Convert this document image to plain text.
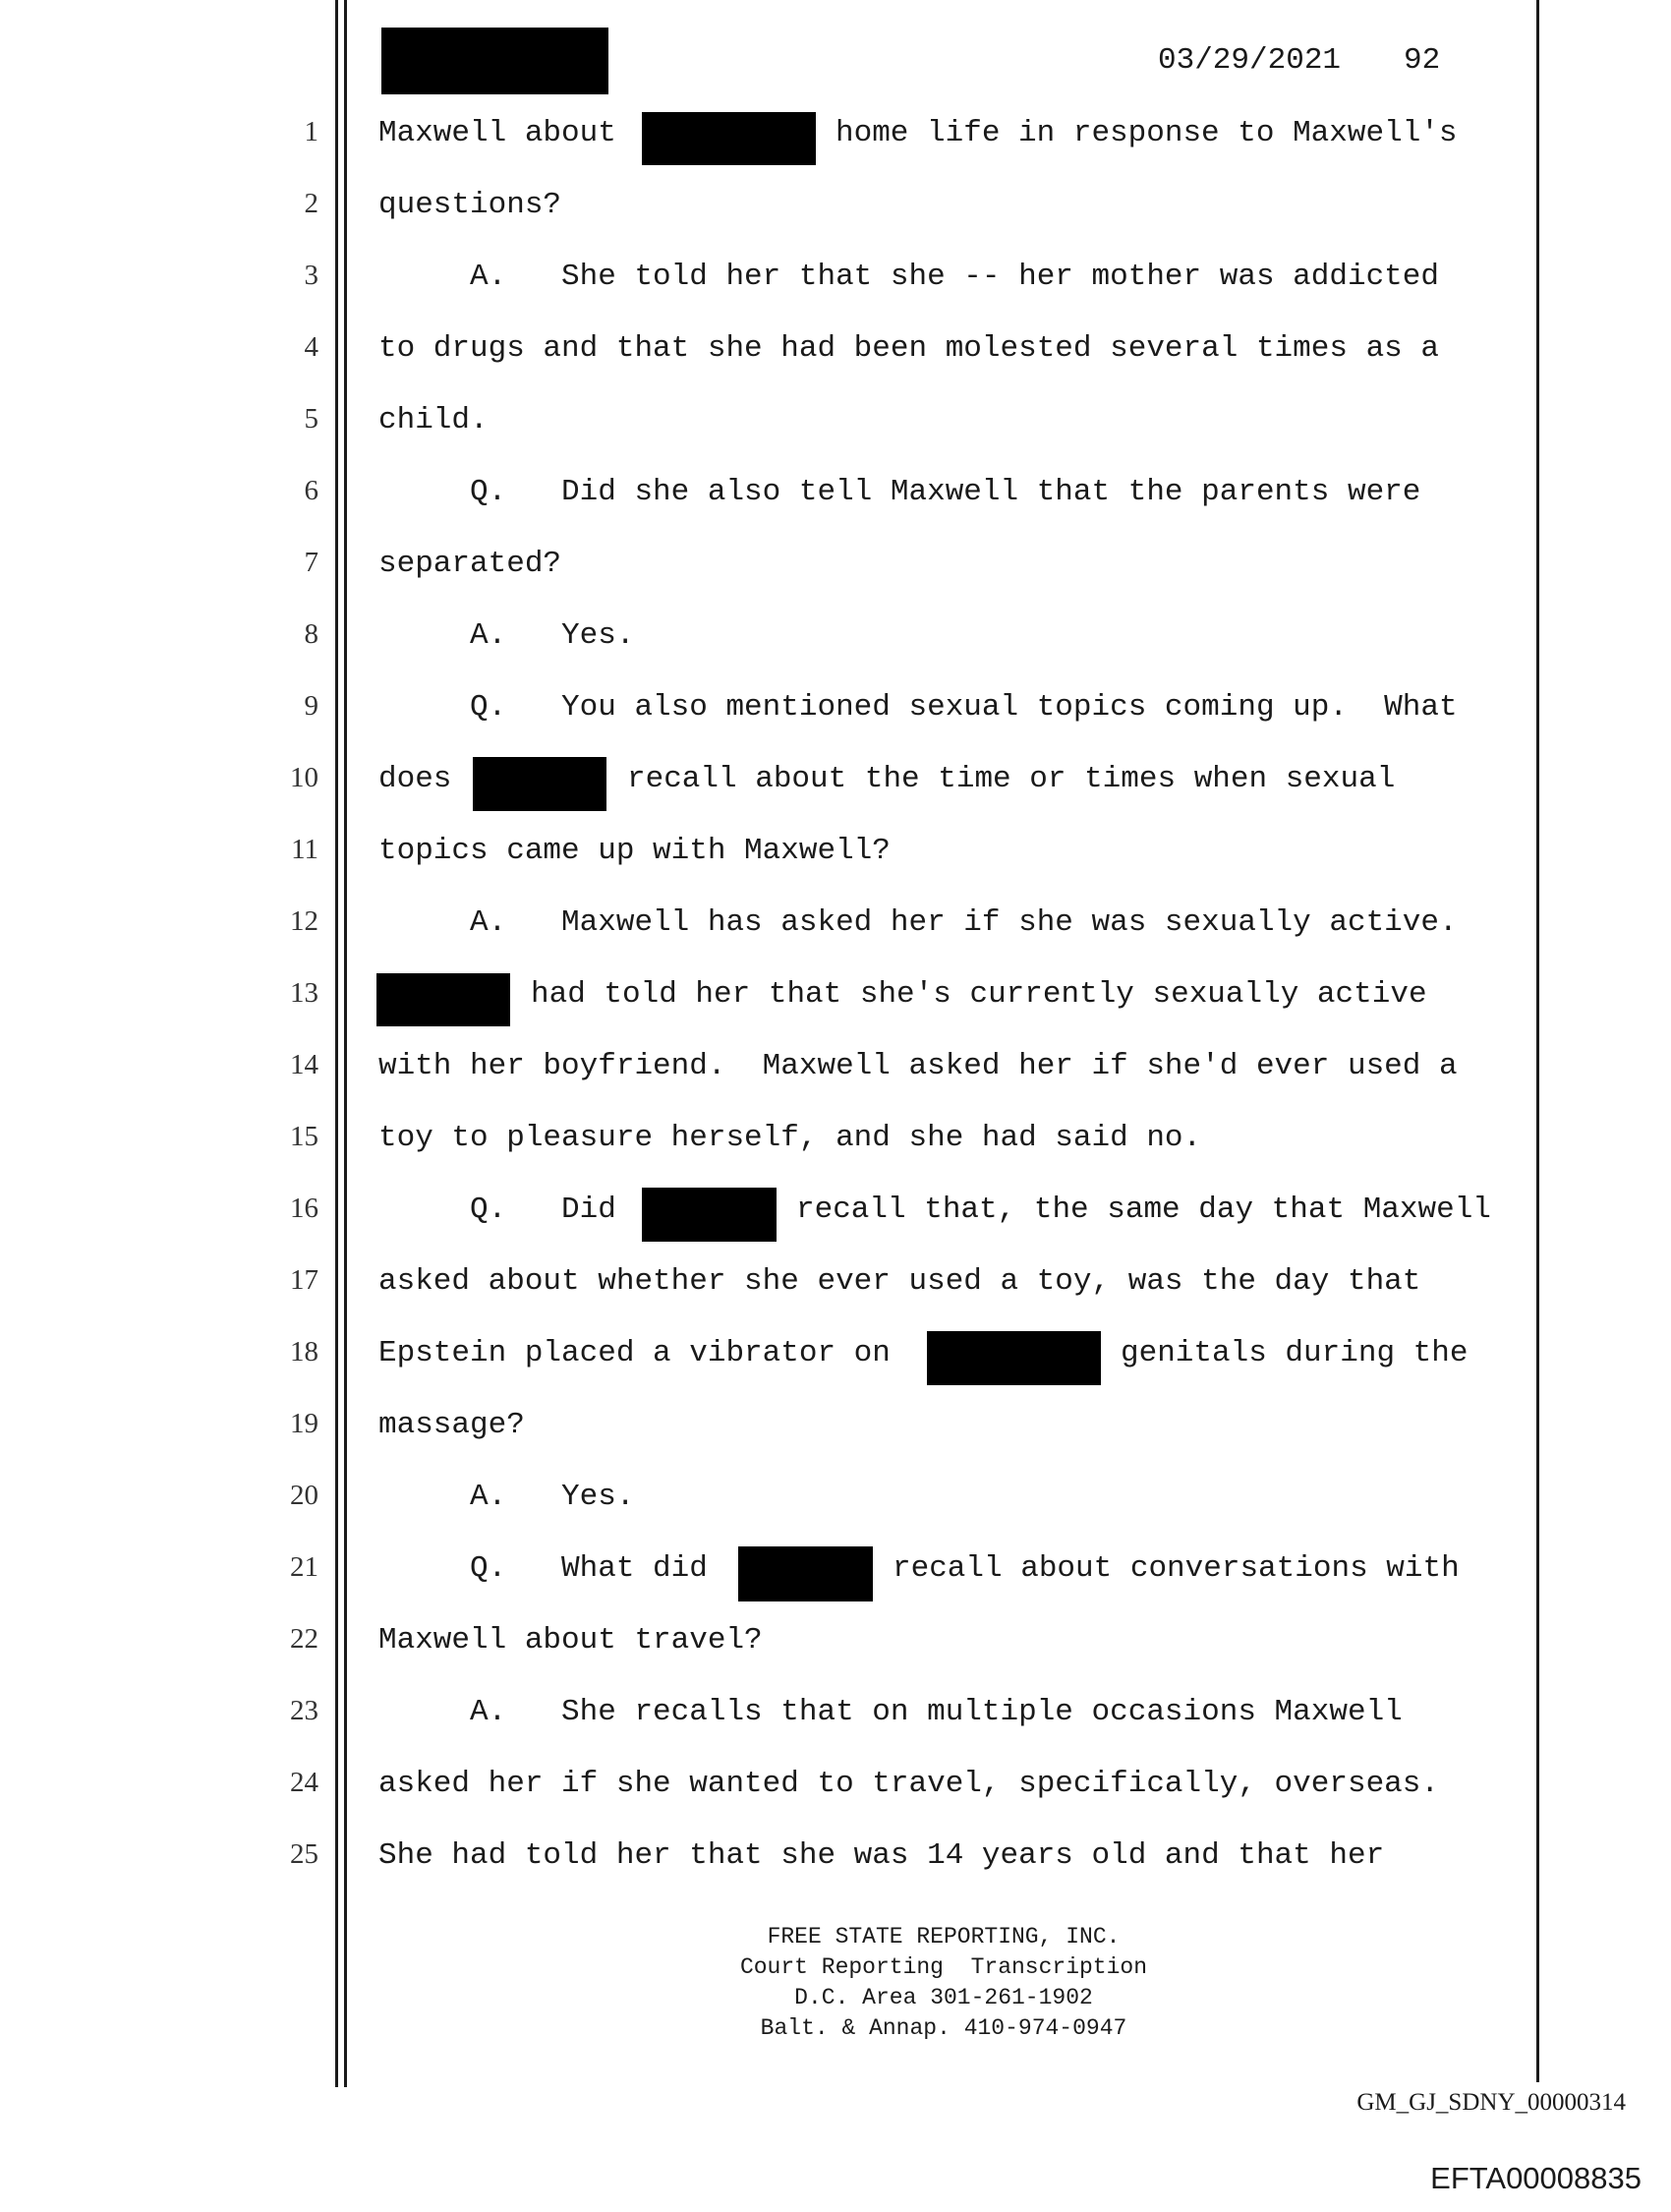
03/29/2021 92
1 Maxwell about	home life in response to Maxwell's
2 questions?
3 A.   She told her that she -- her mother was addicted
4 to drugs and that she had been molested several times as a
5 child.
6 Q.   Did she also tell Maxwell that the parents were
7 separated?
8 A.   Yes.
9 Q.   You also mentioned sexual topics coming up.  What
10 does	recall about the time or times when sexual
11 topics came up with Maxwell?
12 A.   Maxwell has asked her if she was sexually active.
13	had told her that she's currently sexually active
14 with her boyfriend.  Maxwell asked her if she'd ever used a
15 toy to pleasure herself, and she had said no.
16 Q.   Did	recall that, the same day that Maxwell
17 asked about whether she ever used a toy, was the day that
18 Epstein placed a vibrator on	genitals during the
19 massage?
20 A.   Yes.
21 Q.   What did	recall about conversations with
22 Maxwell about travel?
23 A.   She recalls that on multiple occasions Maxwell
24 asked her if she wanted to travel, specifically, overseas.
25 She had told her that she was 14 years old and that her
FREE STATE REPORTING, INC.
Court Reporting  Transcription
D.C. Area 301-261-1902
Balt. & Annap. 410-974-0947
GM_GJ_SDNY_00000314
EFTA00008835
